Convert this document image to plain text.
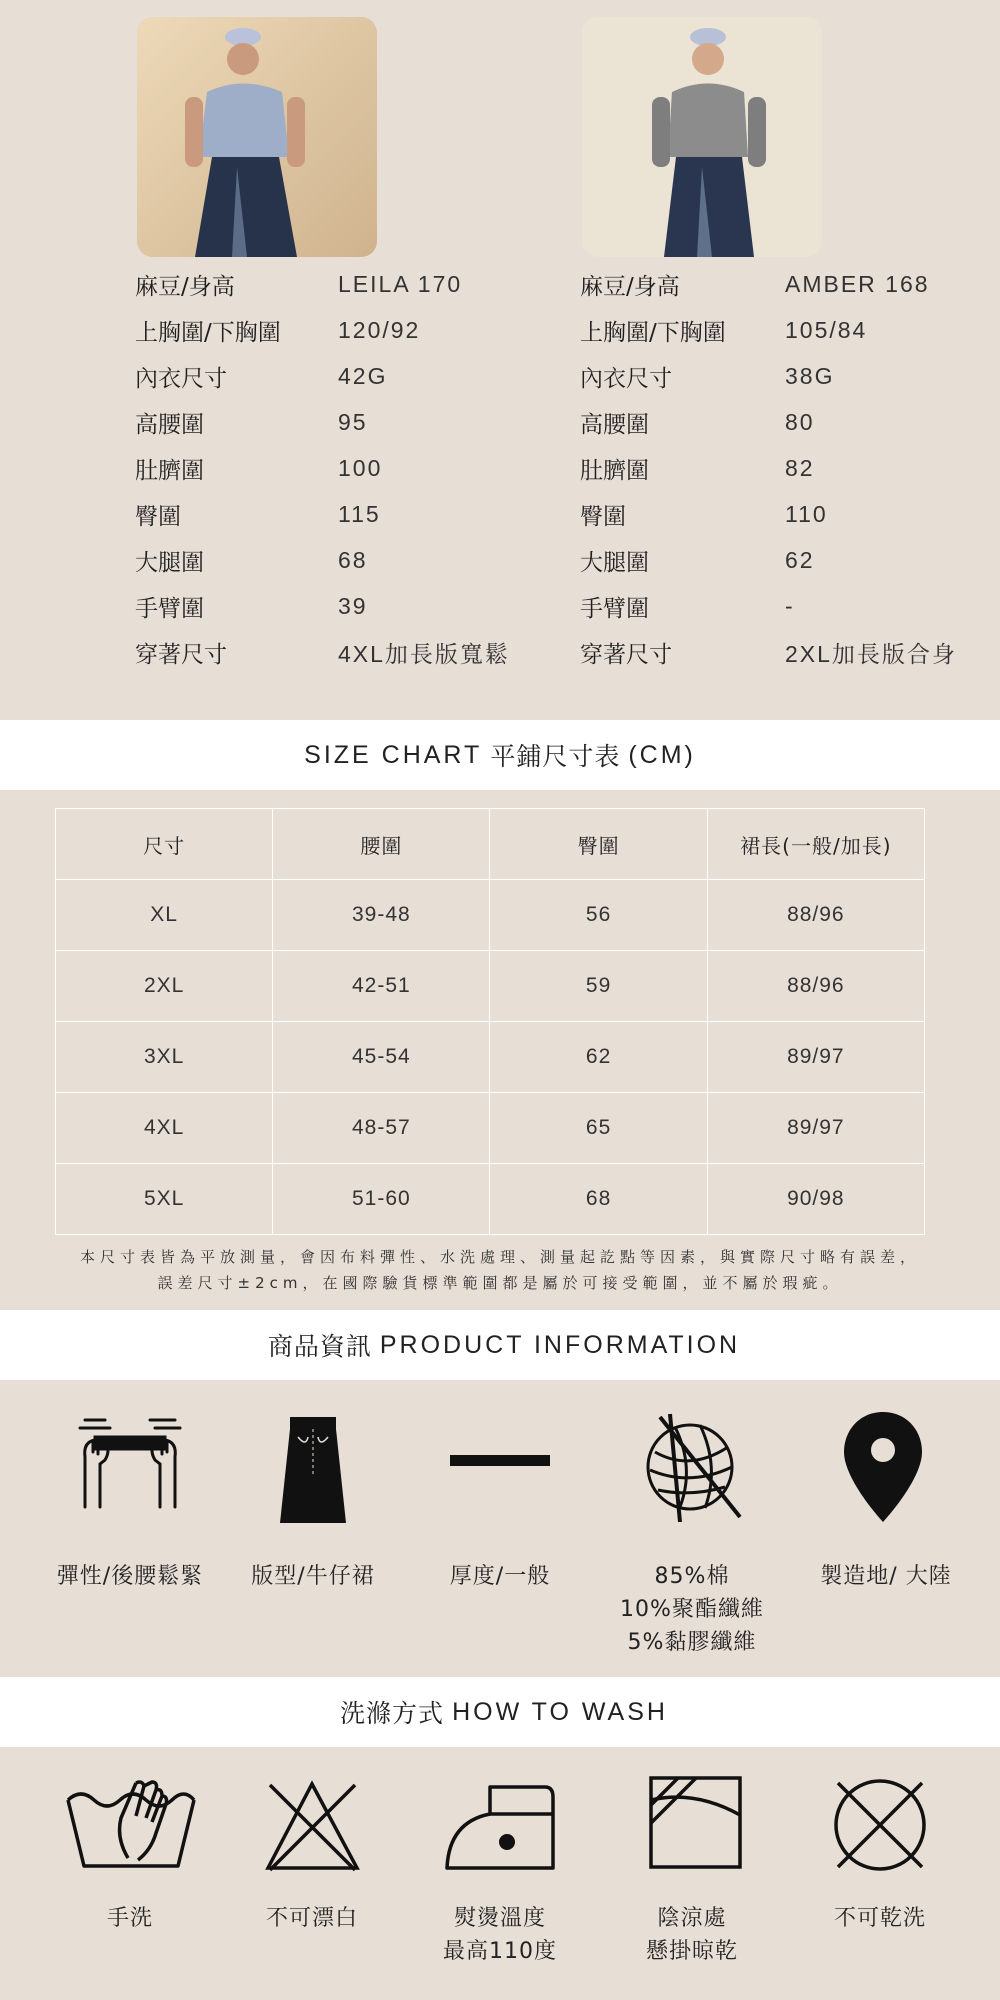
麻豆/身高	LEILA 170
上胸圍/下胸圍	120/92
內衣尺寸	42G
高腰圍	95
肚臍圍	100
臀圍	115
大腿圍	68
手臂圍	39
穿著尺寸	4XL加長版寬鬆
麻豆/身高	AMBER 168
上胸圍/下胸圍	105/84
內衣尺寸	38G
高腰圍	80
肚臍圍	82
臀圍	110
大腿圍	62
手臂圍	-
穿著尺寸	2XL加長版合身
SIZE CHART 平鋪尺寸表 (CM)
尺寸	腰圍	臀圍	裙長(一般/加長)
XL	39-48	56	88/96
2XL	42-51	59	88/96
3XL	45-54	62	89/97
4XL	48-57	65	89/97
5XL	51-60	68	90/98
本尺寸表皆為平放測量，會因布料彈性、水洗處理、測量起訖點等因素，與實際尺寸略有誤差，
誤差尺寸±2cm，在國際驗貨標準範圍都是屬於可接受範圍，並不屬於瑕疵。
商品資訊 PRODUCT INFORMATION
彈性/後腰鬆緊	版型/牛仔裙	厚度/一般	85%棉
10%聚酯纖維
5%黏膠纖維
製造地/ 大陸
洗滌方式 HOW TO WASH
手洗	不可漂白	熨燙溫度
最高110度
陰涼處
懸掛晾乾
不可乾洗
